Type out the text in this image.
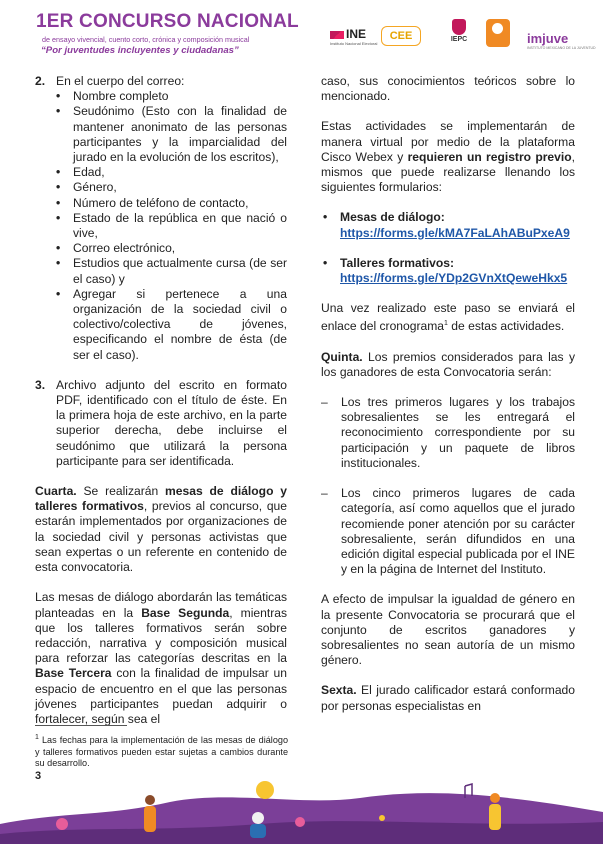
1ER CONCURSO NACIONAL
de ensayo vivencial, cuento corto, crónica y composición musical
“Por juventudes incluyentes y ciudadanas”
INE
Instituto Nacional Electoral
CEE	IEPC	imjuve
INSTITUTO MEXICANO DE LA JUVENTUD
2. En el cuerpo del correo:
• Nombre completo
• Seudónimo (Esto con la finalidad de mantener anonimato de las personas participantes y la imparcialidad del jurado en la evolución de los escritos),
• Edad,
• Género,
• Número de teléfono de contacto,
• Estado de la república en que nació o vive,
• Correo electrónico,
• Estudios que actualmente cursa (de ser el caso) y
• Agregar si pertenece a una organización de la sociedad civil o colectivo/colectiva de jóvenes, especificando el nombre de ésta (de ser el caso).
3. Archivo adjunto del escrito en formato PDF, identificado con el título de éste. En la primera hoja de este archivo, en la parte superior derecha, debe incluirse el seudónimo que utilizará la persona participante para ser identificada.

Cuarta. Se realizarán mesas de diálogo y talleres formativos, previos al concurso, que estarán implementados por organizaciones de la sociedad civil y personas activistas que sean expertas o un referente en contenido de esta convocatoria.

Las mesas de diálogo abordarán las temáticas planteadas en la Base Segunda, mientras que los talleres formativos serán sobre redacción, narrativa y composición musical para reforzar las categorías descritas en la Base Tercera con la finalidad de impulsar un espacio de encuentro en el que las personas jóvenes participantes puedan adquirir o fortalecer, según sea el

caso, sus conocimientos teóricos sobre lo mencionado.

Estas actividades se implementarán de manera virtual por medio de la plataforma Cisco Webex y requieren un registro previo, mismos que puede realizarse llenando los siguientes formularios:

• Mesas de diálogo:
https://forms.gle/kMA7FaLAhABuPxeA9
• Talleres formativos:
https://forms.gle/YDp2GVnXtQeweHkx5

Una vez realizado este paso se enviará el enlace del cronograma$^1$ de estas actividades.

Quinta. Los premios considerados para las y los ganadores de esta Convocatoria serán:

–	Los tres primeros lugares y los trabajos sobresalientes se les entregará el reconocimiento correspondiente por su participación y un paquete de libros institucionales.
–	Los cinco primeros lugares de cada categoría, así como aquellos que el jurado recomiende poner atención por su carácter sobresaliente, serán difundidos en una edición digital especial publicada por el INE y en la página de Internet del Instituto.

A efecto de impulsar la igualdad de género en la presente Convocatoria se procurará que el conjunto de escritos ganadores y sobresalientes no sean autoría de un mismo género.

Sexta. El jurado calificador estará conformado por personas especialistas en

$^1$ Las fechas para la implementación de las mesas de diálogo y talleres formativos pueden estar sujetas a cambios durante su desarrollo.
3
